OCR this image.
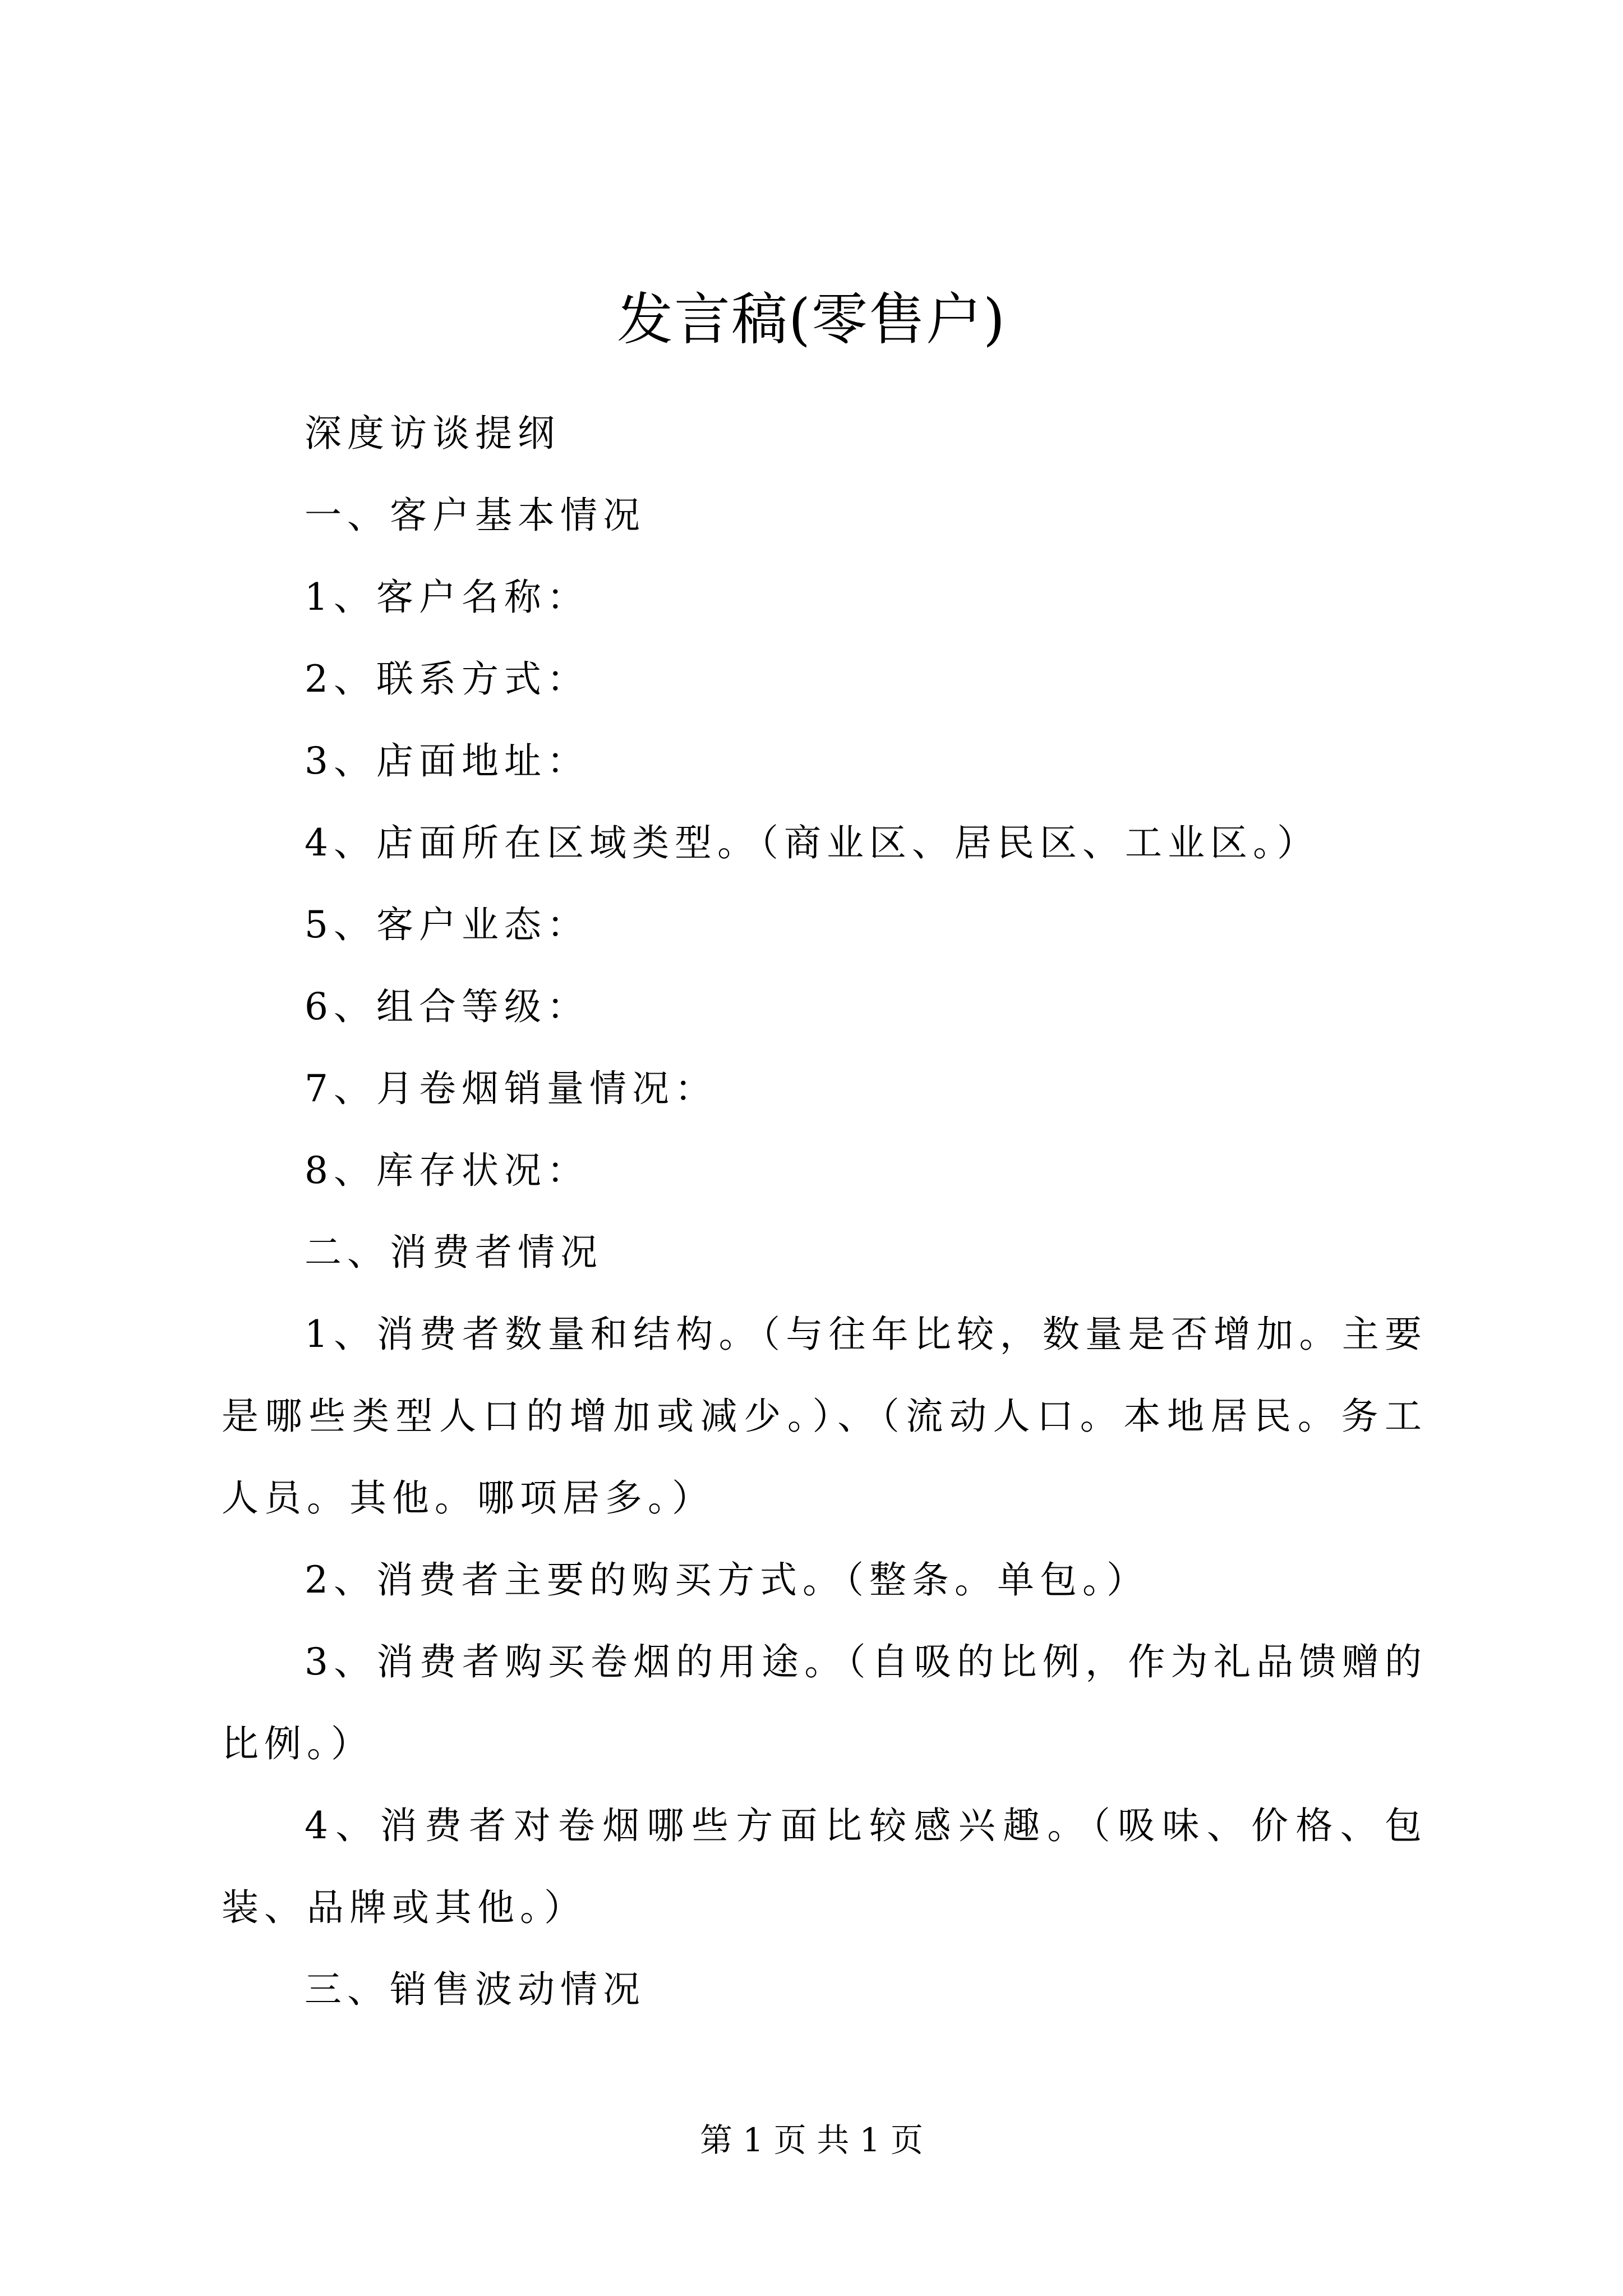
发言稿(零售户)
深度访谈提纲
一、客户基本情况
1、客户名称：
2、联系方式：
3、店面地址：
4、店面所在区域类型。（商业区、居民区、工业区。）
5、客户业态：
6、组合等级：
7、月卷烟销量情况：
8、库存状况：
二、消费者情况
1、消费者数量和结构。（与往年比较，数量是否增加。主要是哪些类型人口的增加或减少。）、（流动人口。本地居民。务工人员。其他。哪项居多。）
2、消费者主要的购买方式。（整条。单包。）
3、消费者购买卷烟的用途。（自吸的比例，作为礼品馈赠的比例。）
4、消费者对卷烟哪些方面比较感兴趣。（吸味、价格、包装、品牌或其他。）
三、销售波动情况
第 1 页 共 1 页
